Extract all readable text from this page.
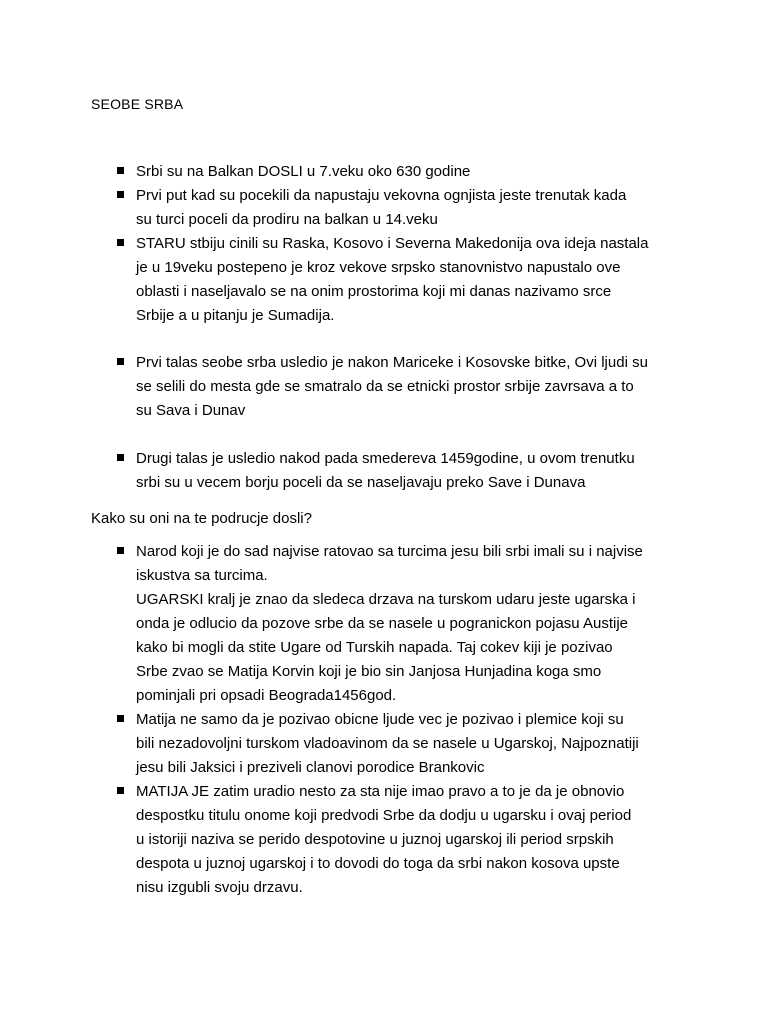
SEOBE SRBA
Srbi su na Balkan DOSLI u 7.veku oko 630 godine
Prvi put kad su pocekili da napustaju vekovna ognjista jeste trenutak kada
su turci poceli da prodiru na balkan u 14.veku
STARU stbiju cinili su Raska, Kosovo i Severna Makedonija ova ideja nastala
je u 19veku postepeno je kroz vekove srpsko stanovnistvo napustalo ove
oblasti i naseljavalo se na onim prostorima koji mi danas nazivamo srce
Srbije a u pitanju je Sumadija.
Prvi talas seobe srba usledio je nakon Mariceke i Kosovske bitke, Ovi ljudi su
se selili do mesta gde se smatralo da se etnicki prostor srbije zavrsava a to
su Sava i Dunav
Drugi talas je usledio nakod pada smedereva 1459godine, u ovom trenutku
srbi su u vecem borju poceli da se naseljavaju preko Save i Dunava
Kako su oni na te podrucje dosli?
Narod koji je do sad najvise ratovao sa turcima jesu bili srbi imali su i najvise
iskustva sa turcima.
UGARSKI kralj je znao da sledeca drzava na turskom udaru jeste ugarska i
onda je odlucio da pozove srbe da se nasele u pogranickon pojasu Austije
kako bi mogli da stite Ugare od Turskih napada. Taj cokev kiji je pozivao
Srbe zvao se Matija Korvin koji je bio sin Janjosa Hunjadina koga smo
pominjali pri opsadi Beograda1456god.
Matija ne samo da je pozivao obicne ljude vec je pozivao i plemice koji su
bili nezadovoljni turskom vladoavinom da se nasele u Ugarskoj, Najpoznatiji
jesu bili Jaksici i preziveli clanovi porodice Brankovic
MATIJA JE zatim uradio nesto za sta nije imao pravo a to je da je obnovio
despostku titulu onome koji predvodi Srbe da dodju u ugarsku i ovaj period
u istoriji naziva se perido despotovine u juznoj ugarskoj ili period srpskih
despota u juznoj ugarskoj i to dovodi do toga da srbi nakon kosova upste
nisu izgubli svoju drzavu.
